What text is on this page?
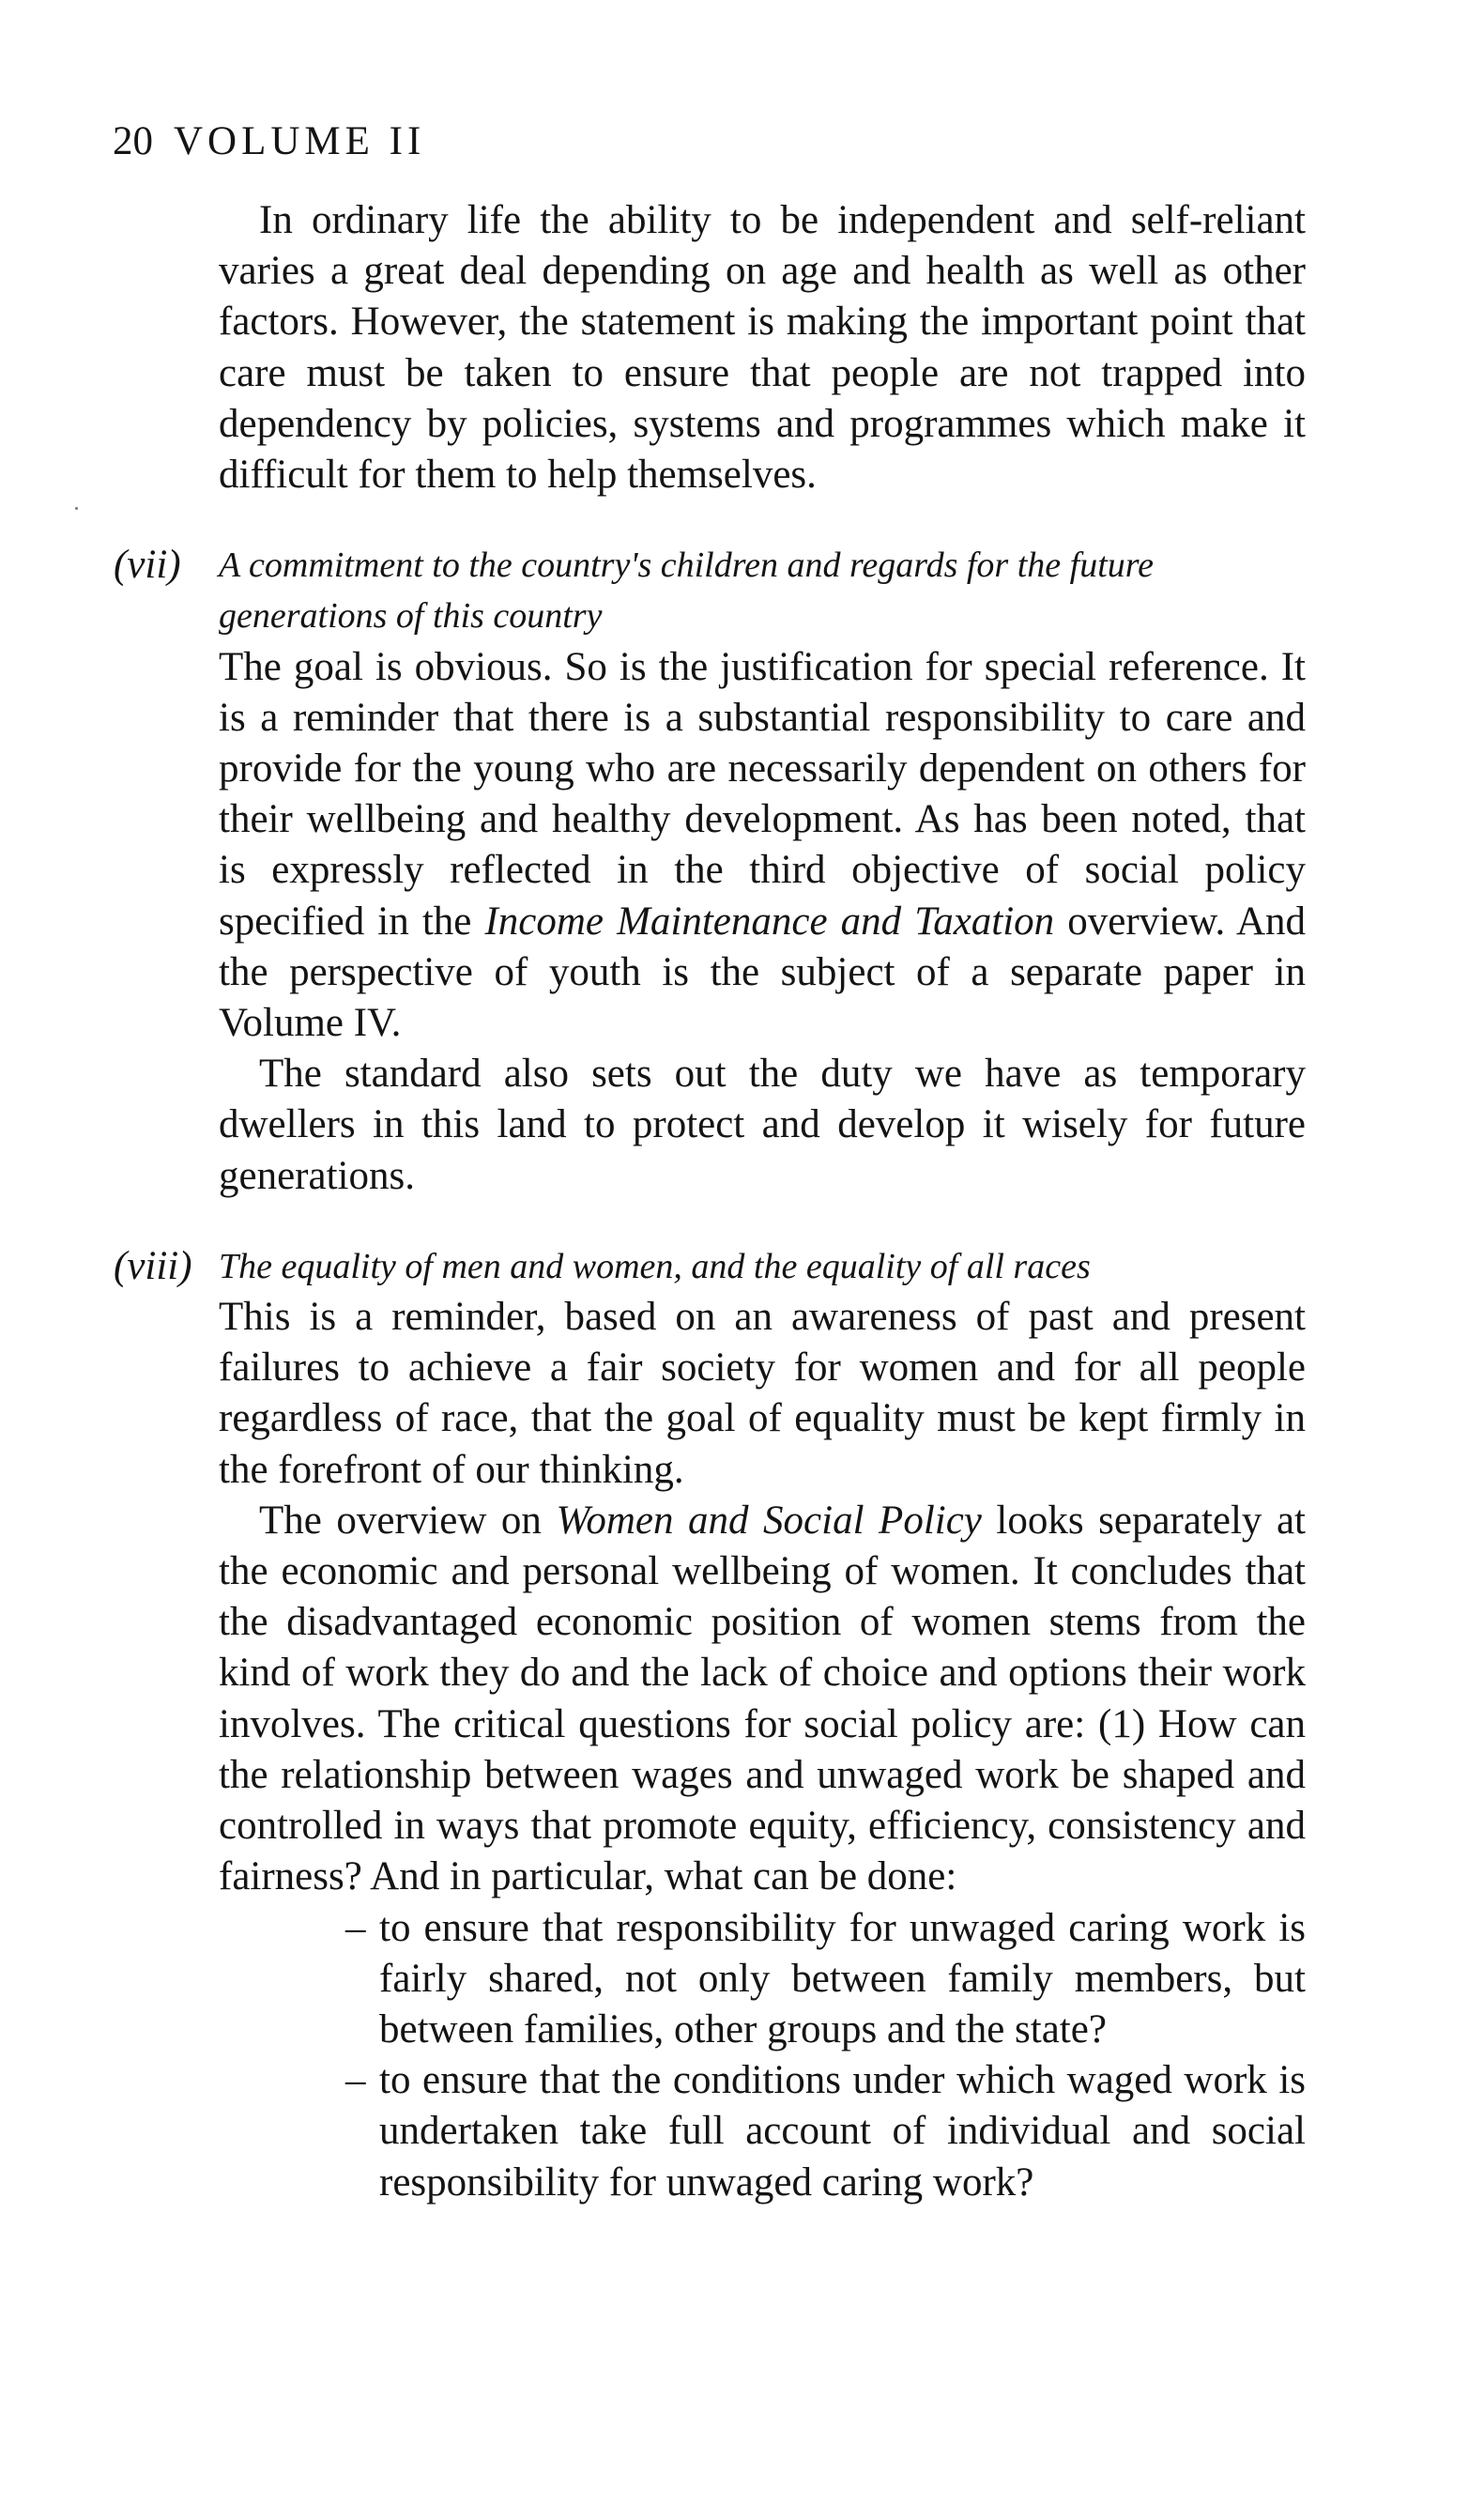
20 VOLUME II

In ordinary life the ability to be independent and self-reliant varies a great deal depending on age and health as well as other factors. However, the statement is making the important point that care must be taken to ensure that people are not trapped into dependency by policies, systems and programmes which make it difficult for them to help themselves.

(vii) A commitment to the country's children and regards for the future generations of this country

The goal is obvious. So is the justification for special reference. It is a reminder that there is a substantial responsibility to care and provide for the young who are necessarily dependent on others for their wellbeing and healthy development. As has been noted, that is expressly reflected in the third objective of social policy specified in the Income Maintenance and Taxation overview. And the perspective of youth is the subject of a separate paper in Volume IV.

The standard also sets out the duty we have as temporary dwellers in this land to protect and develop it wisely for future generations.

(viii) The equality of men and women, and the equality of all races

This is a reminder, based on an awareness of past and present failures to achieve a fair society for women and for all people regardless of race, that the goal of equality must be kept firmly in the forefront of our thinking.

The overview on Women and Social Policy looks separately at the economic and personal wellbeing of women. It concludes that the disadvantaged economic position of women stems from the kind of work they do and the lack of choice and options their work involves. The critical questions for social policy are: (1) How can the relationship between wages and unwaged work be shaped and controlled in ways that promote equity, efficiency, consistency and fairness? And in particular, what can be done:

– to ensure that responsibility for unwaged caring work is fairly shared, not only between family members, but between families, other groups and the state?
– to ensure that the conditions under which waged work is undertaken take full account of individual and social responsibility for unwaged caring work?
